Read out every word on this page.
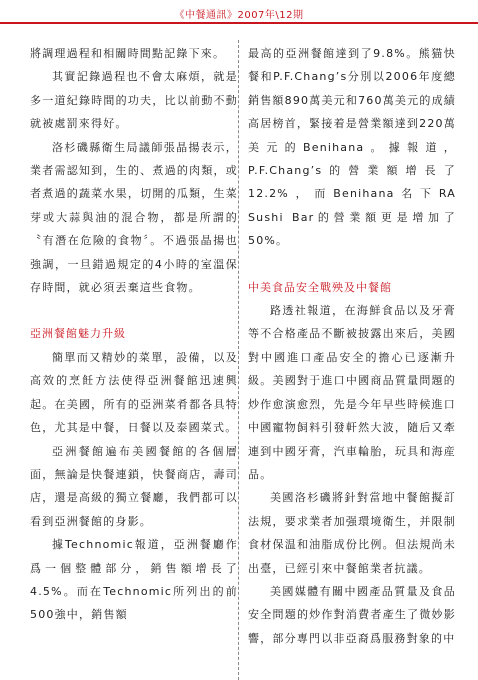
《中餐通訊》2007年\12期

將調理過程和相關時間點記錄下來。

其實記錄過程也不會太麻煩，就是多一道紀錄時間的功夫，比以前動不動就被處罰來得好。

洛杉磯縣衛生局議師張晶揚表示，業者需認知到，生的、煮過的肉類，或者煮過的蔬菜水果，切開的瓜類，生菜芽或大蒜與油的混合物，都是所謂的〝有潛在危險的食物〞。不過張晶揚也強調，一旦錯過規定的4小時的室溫保存時間，就必須丟棄這些食物。

亞洲餐館魅力升級

簡單而又精妙的菜單，設備，以及高效的烹飪方法使得亞洲餐館迅速興起。在美國，所有的亞洲菜肴都各具特色，尤其是中餐，日餐以及泰國菜式。

亞洲餐館遍布美國餐館的各個層面，無論是快餐連鎖，快餐商店，壽司店，還是高級的獨立餐廳，我們都可以看到亞洲餐館的身影。

據Technomic報道，亞洲餐廳作爲一個整體部分，銷售額增長了4.5%。而在Technomic所列出的前500強中，銷售額

最高的亞洲餐館達到了9.8%。熊猫快餐和P.F.Chang’s分別以2006年度總銷售額890萬美元和760萬美元的成績高居榜首，緊接着是營業額達到220萬美元的Benihana。據報道，P.F.Chang’s的營業額增長了12.2%，而Benihana名下RA Sushi Bar的營業額更是增加了50%。

中美食品安全戰殃及中餐館

路透社報道，在海鮮食品以及牙膏等不合格產品不斷被披露出來后，美國對中國進口產品安全的擔心已逐漸升級。美國對于進口中國商品質量問題的炒作愈演愈烈，先是今年早些時候進口中國寵物飼料引發軒然大波，隨后又牽連到中國牙膏，汽車輪胎，玩具和海産品。

美國洛杉磯將針對當地中餐館擬訂法規，要求業者加强環境衛生，并限制食材保温和油脂成份比例。但法規尚未出臺，已經引來中餐館業者抗議。

美國媒體有關中國產品質量及食品安全問題的炒作對消費者產生了微妙影響，部分專門以非亞裔爲服務對象的中
